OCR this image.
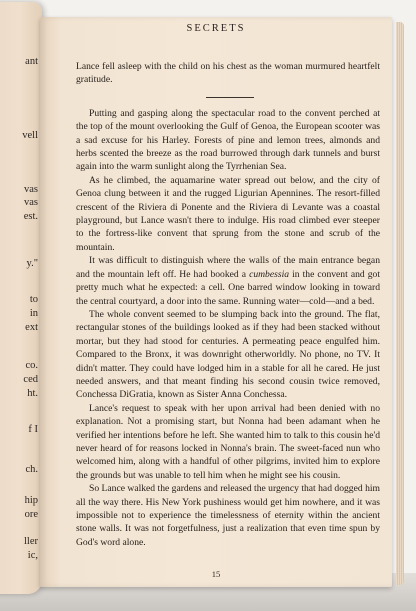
ant
vell
vas
vas
est.
y."
to
in
ext
co.
ced
ht.
f I
ch.
hip
ore
ller
ic,
SECRETS

Lance fell asleep with the child on his chest as the woman murmured heartfelt gratitude.

Putting and gasping along the spectacular road to the convent perched at the top of the mount overlooking the Gulf of Genoa, the European scooter was a sad excuse for his Harley. Forests of pine and lemon trees, almonds and herbs scented the breeze as the road burrowed through dark tunnels and burst again into the warm sunlight along the Tyrrhenian Sea.

As he climbed, the aquamarine water spread out below, and the city of Genoa clung between it and the rugged Ligurian Apennines. The resort-filled crescent of the Riviera di Ponente and the Riviera di Levante was a coastal playground, but Lance wasn't there to indulge. His road climbed ever steeper to the fortress-like convent that sprung from the stone and scrub of the mountain.

It was difficult to distinguish where the walls of the main entrance began and the mountain left off. He had booked a cumbessia in the convent and got pretty much what he expected: a cell. One barred window looking in toward the central courtyard, a door into the same. Running water—cold—and a bed.

The whole convent seemed to be slumping back into the ground. The flat, rectangular stones of the buildings looked as if they had been stacked without mortar, but they had stood for centuries. A permeating peace engulfed him. Compared to the Bronx, it was downright otherworldly. No phone, no TV. It didn't matter. They could have lodged him in a stable for all he cared. He just needed answers, and that meant finding his second cousin twice removed, Conchessa DiGratia, known as Sister Anna Conchessa.

Lance's request to speak with her upon arrival had been denied with no explanation. Not a promising start, but Nonna had been adamant when he verified her intentions before he left. She wanted him to talk to this cousin he'd never heard of for reasons locked in Nonna's brain. The sweet-faced nun who welcomed him, along with a handful of other pilgrims, invited him to explore the grounds but was unable to tell him when he might see his cousin.

So Lance walked the gardens and released the urgency that had dogged him all the way there. His New York pushiness would get him nowhere, and it was impossible not to experience the timelessness of eternity within the ancient stone walls. It was not forgetfulness, just a realization that even time spun by God's word alone.

15
